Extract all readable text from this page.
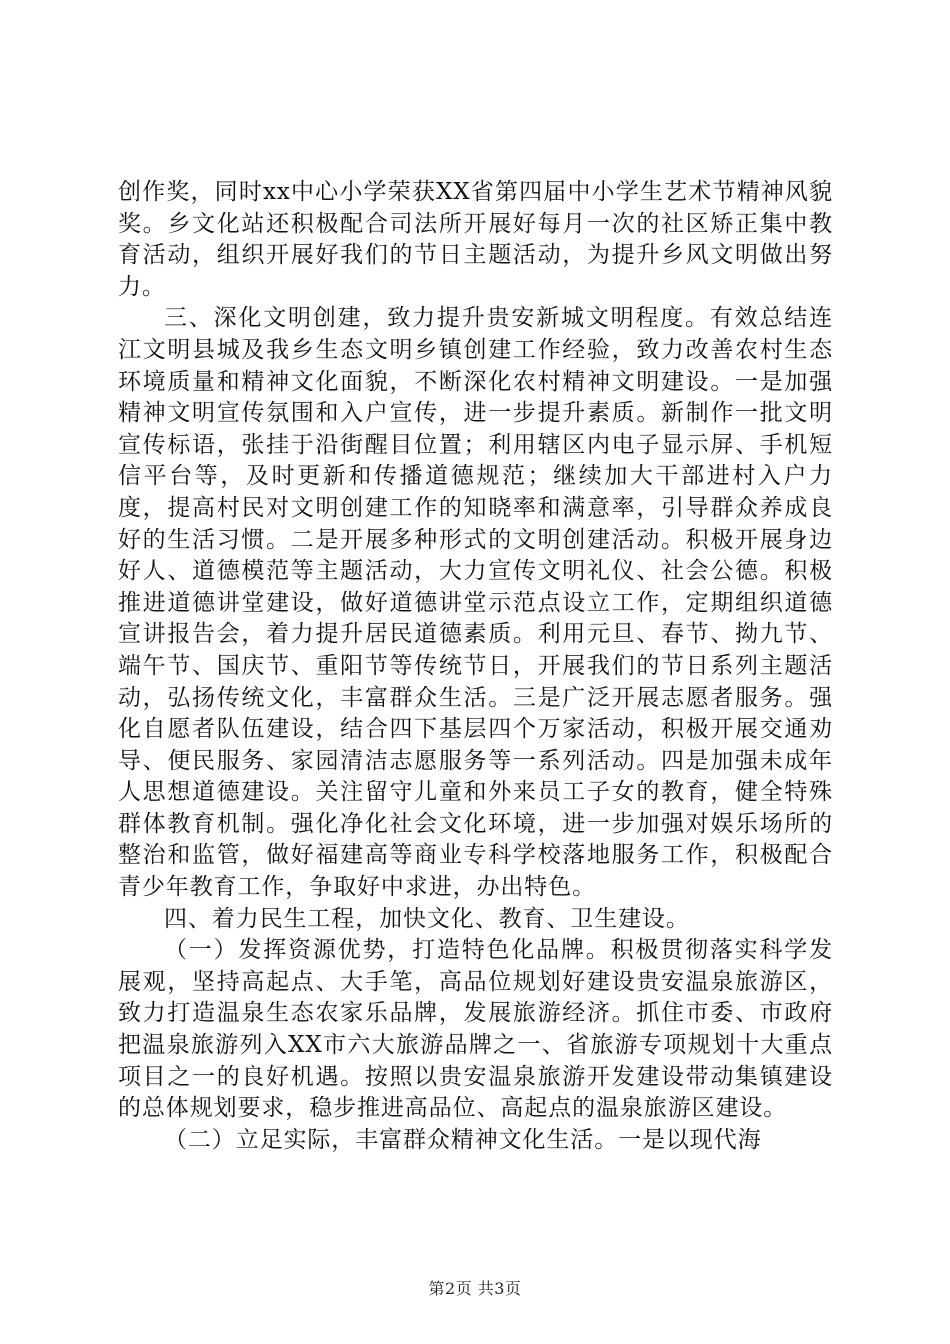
创作奖，同时xx中心小学荣获XX省第四届中小学生艺术节精神风貌奖。乡文化站还积极配合司法所开展好每月一次的社区矫正集中教育活动，组织开展好我们的节日主题活动，为提升乡风文明做出努力。

三、深化文明创建，致力提升贵安新城文明程度。有效总结连江文明县城及我乡生态文明乡镇创建工作经验，致力改善农村生态环境质量和精神文化面貌，不断深化农村精神文明建设。一是加强精神文明宣传氛围和入户宣传，进一步提升素质。新制作一批文明宣传标语，张挂于沿街醒目位置；利用辖区内电子显示屏、手机短信平台等，及时更新和传播道德规范；继续加大干部进村入户力度，提高村民对文明创建工作的知晓率和满意率，引导群众养成良好的生活习惯。二是开展多种形式的文明创建活动。积极开展身边好人、道德模范等主题活动，大力宣传文明礼仪、社会公德。积极推进道德讲堂建设，做好道德讲堂示范点设立工作，定期组织道德宣讲报告会，着力提升居民道德素质。利用元旦、春节、拗九节、端午节、国庆节、重阳节等传统节日，开展我们的节日系列主题活动，弘扬传统文化，丰富群众生活。三是广泛开展志愿者服务。强化自愿者队伍建设，结合四下基层四个万家活动，积极开展交通劝导、便民服务、家园清洁志愿服务等一系列活动。四是加强未成年人思想道德建设。关注留守儿童和外来员工子女的教育，健全特殊群体教育机制。强化净化社会文化环境，进一步加强对娱乐场所的整治和监管，做好福建高等商业专科学校落地服务工作，积极配合青少年教育工作，争取好中求进，办出特色。

四、着力民生工程，加快文化、教育、卫生建设。

（一）发挥资源优势，打造特色化品牌。积极贯彻落实科学发展观，坚持高起点、大手笔，高品位规划好建设贵安温泉旅游区，致力打造温泉生态农家乐品牌，发展旅游经济。抓住市委、市政府把温泉旅游列入XX市六大旅游品牌之一、省旅游专项规划十大重点项目之一的良好机遇。按照以贵安温泉旅游开发建设带动集镇建设的总体规划要求，稳步推进高品位、高起点的温泉旅游区建设。

（二）立足实际，丰富群众精神文化生活。一是以现代海

第2页 共3页
